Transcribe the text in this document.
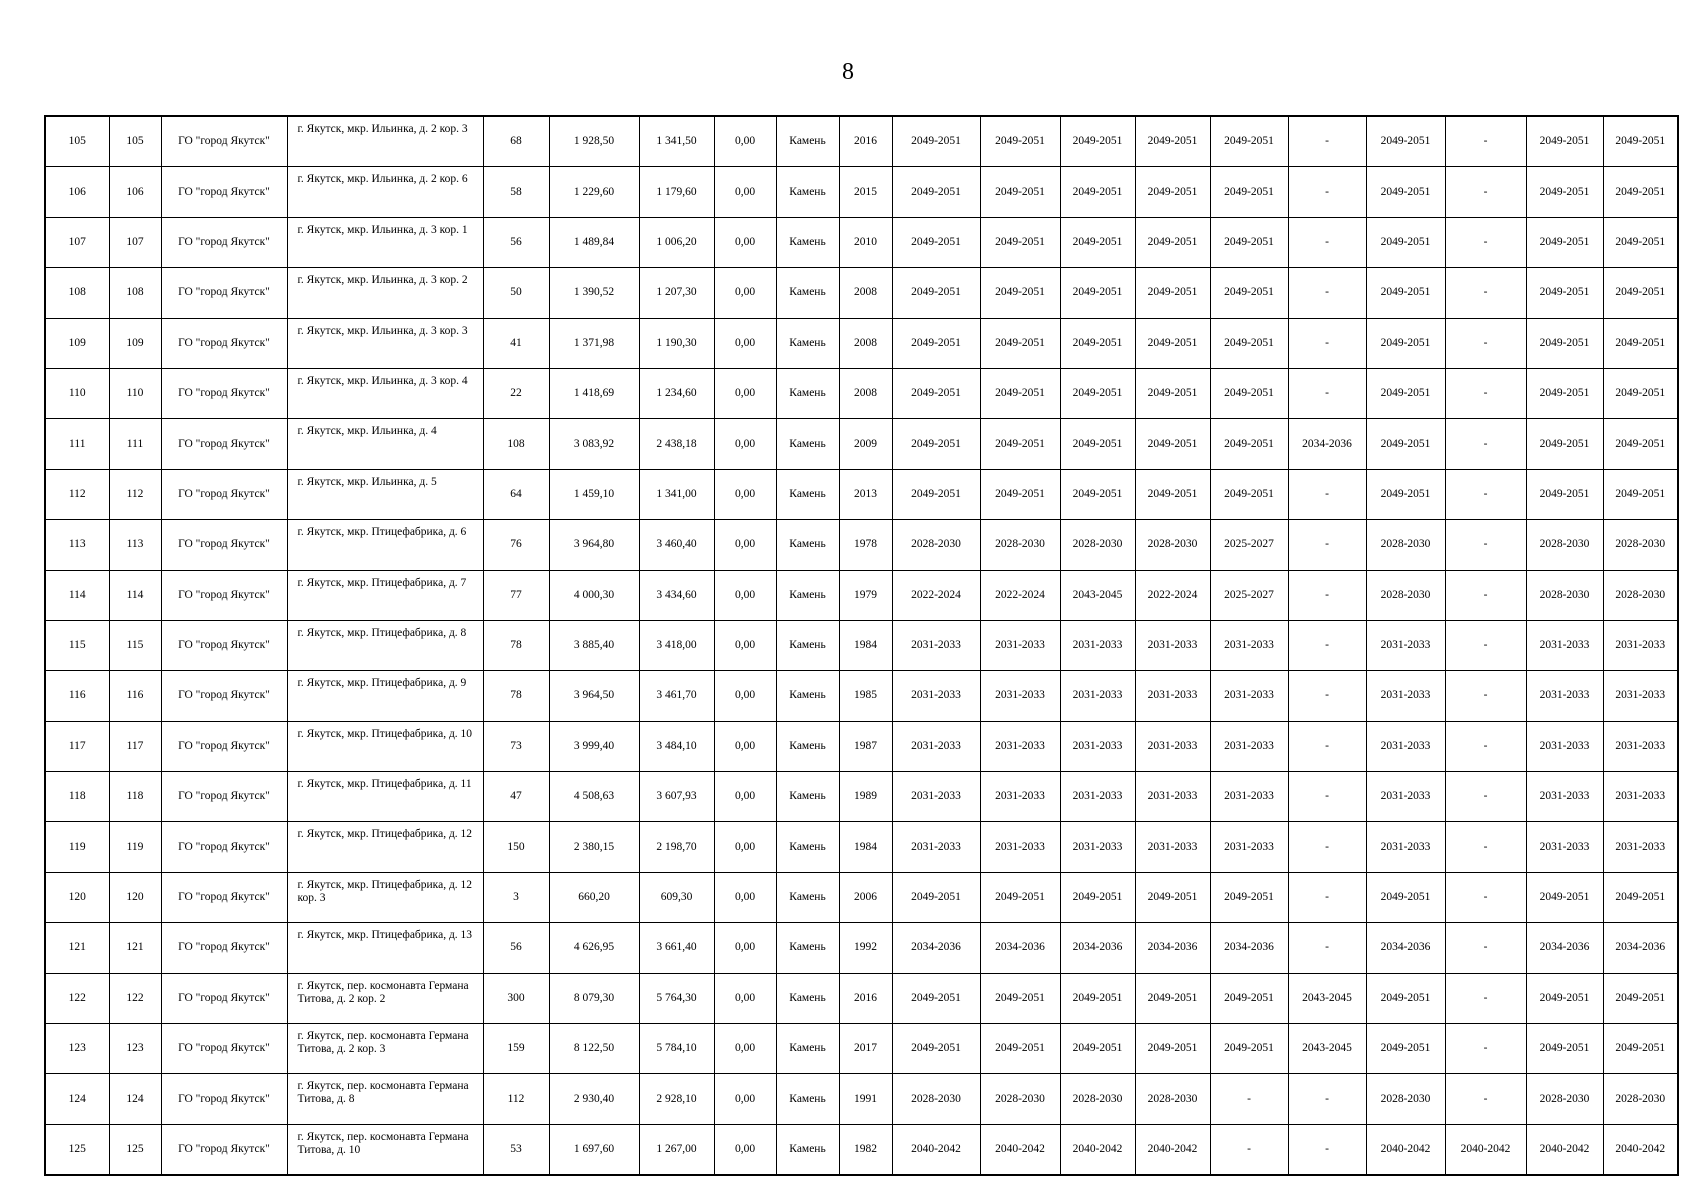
8
105	105	ГО "город Якутск"	г. Якутск, мкр. Ильинка, д. 2 кор. 3	68	1 928,50	1 341,50	0,00	Камень	2016	2049-2051	2049-2051	2049-2051	2049-2051	2049-2051	-	2049-2051	-	2049-2051	2049-2051
106	106	ГО "город Якутск"	г. Якутск, мкр. Ильинка, д. 2 кор. 6	58	1 229,60	1 179,60	0,00	Камень	2015	2049-2051	2049-2051	2049-2051	2049-2051	2049-2051	-	2049-2051	-	2049-2051	2049-2051
107	107	ГО "город Якутск"	г. Якутск, мкр. Ильинка, д. 3 кор. 1	56	1 489,84	1 006,20	0,00	Камень	2010	2049-2051	2049-2051	2049-2051	2049-2051	2049-2051	-	2049-2051	-	2049-2051	2049-2051
108	108	ГО "город Якутск"	г. Якутск, мкр. Ильинка, д. 3 кор. 2	50	1 390,52	1 207,30	0,00	Камень	2008	2049-2051	2049-2051	2049-2051	2049-2051	2049-2051	-	2049-2051	-	2049-2051	2049-2051
109	109	ГО "город Якутск"	г. Якутск, мкр. Ильинка, д. 3 кор. 3	41	1 371,98	1 190,30	0,00	Камень	2008	2049-2051	2049-2051	2049-2051	2049-2051	2049-2051	-	2049-2051	-	2049-2051	2049-2051
110	110	ГО "город Якутск"	г. Якутск, мкр. Ильинка, д. 3 кор. 4	22	1 418,69	1 234,60	0,00	Камень	2008	2049-2051	2049-2051	2049-2051	2049-2051	2049-2051	-	2049-2051	-	2049-2051	2049-2051
111	111	ГО "город Якутск"	г. Якутск, мкр. Ильинка, д. 4	108	3 083,92	2 438,18	0,00	Камень	2009	2049-2051	2049-2051	2049-2051	2049-2051	2049-2051	2034-2036	2049-2051	-	2049-2051	2049-2051
112	112	ГО "город Якутск"	г. Якутск, мкр. Ильинка, д. 5	64	1 459,10	1 341,00	0,00	Камень	2013	2049-2051	2049-2051	2049-2051	2049-2051	2049-2051	-	2049-2051	-	2049-2051	2049-2051
113	113	ГО "город Якутск"	г. Якутск, мкр. Птицефабрика, д. 6	76	3 964,80	3 460,40	0,00	Камень	1978	2028-2030	2028-2030	2028-2030	2028-2030	2025-2027	-	2028-2030	-	2028-2030	2028-2030
114	114	ГО "город Якутск"	г. Якутск, мкр. Птицефабрика, д. 7	77	4 000,30	3 434,60	0,00	Камень	1979	2022-2024	2022-2024	2043-2045	2022-2024	2025-2027	-	2028-2030	-	2028-2030	2028-2030
115	115	ГО "город Якутск"	г. Якутск, мкр. Птицефабрика, д. 8	78	3 885,40	3 418,00	0,00	Камень	1984	2031-2033	2031-2033	2031-2033	2031-2033	2031-2033	-	2031-2033	-	2031-2033	2031-2033
116	116	ГО "город Якутск"	г. Якутск, мкр. Птицефабрика, д. 9	78	3 964,50	3 461,70	0,00	Камень	1985	2031-2033	2031-2033	2031-2033	2031-2033	2031-2033	-	2031-2033	-	2031-2033	2031-2033
117	117	ГО "город Якутск"	г. Якутск, мкр. Птицефабрика, д. 10	73	3 999,40	3 484,10	0,00	Камень	1987	2031-2033	2031-2033	2031-2033	2031-2033	2031-2033	-	2031-2033	-	2031-2033	2031-2033
118	118	ГО "город Якутск"	г. Якутск, мкр. Птицефабрика, д. 11	47	4 508,63	3 607,93	0,00	Камень	1989	2031-2033	2031-2033	2031-2033	2031-2033	2031-2033	-	2031-2033	-	2031-2033	2031-2033
119	119	ГО "город Якутск"	г. Якутск, мкр. Птицефабрика, д. 12	150	2 380,15	2 198,70	0,00	Камень	1984	2031-2033	2031-2033	2031-2033	2031-2033	2031-2033	-	2031-2033	-	2031-2033	2031-2033
120	120	ГО "город Якутск"	г. Якутск, мкр. Птицефабрика, д. 12 кор. 3	3	660,20	609,30	0,00	Камень	2006	2049-2051	2049-2051	2049-2051	2049-2051	2049-2051	-	2049-2051	-	2049-2051	2049-2051
121	121	ГО "город Якутск"	г. Якутск, мкр. Птицефабрика, д. 13	56	4 626,95	3 661,40	0,00	Камень	1992	2034-2036	2034-2036	2034-2036	2034-2036	2034-2036	-	2034-2036	-	2034-2036	2034-2036
122	122	ГО "город Якутск"	г. Якутск, пер. космонавта Германа Титова, д. 2 кор. 2	300	8 079,30	5 764,30	0,00	Камень	2016	2049-2051	2049-2051	2049-2051	2049-2051	2049-2051	2043-2045	2049-2051	-	2049-2051	2049-2051
123	123	ГО "город Якутск"	г. Якутск, пер. космонавта Германа Титова, д. 2 кор. 3	159	8 122,50	5 784,10	0,00	Камень	2017	2049-2051	2049-2051	2049-2051	2049-2051	2049-2051	2043-2045	2049-2051	-	2049-2051	2049-2051
124	124	ГО "город Якутск"	г. Якутск, пер. космонавта Германа Титова, д. 8	112	2 930,40	2 928,10	0,00	Камень	1991	2028-2030	2028-2030	2028-2030	2028-2030	-	-	2028-2030	-	2028-2030	2028-2030
125	125	ГО "город Якутск"	г. Якутск, пер. космонавта Германа Титова, д. 10	53	1 697,60	1 267,00	0,00	Камень	1982	2040-2042	2040-2042	2040-2042	2040-2042	-	-	2040-2042	2040-2042	2040-2042	2040-2042
